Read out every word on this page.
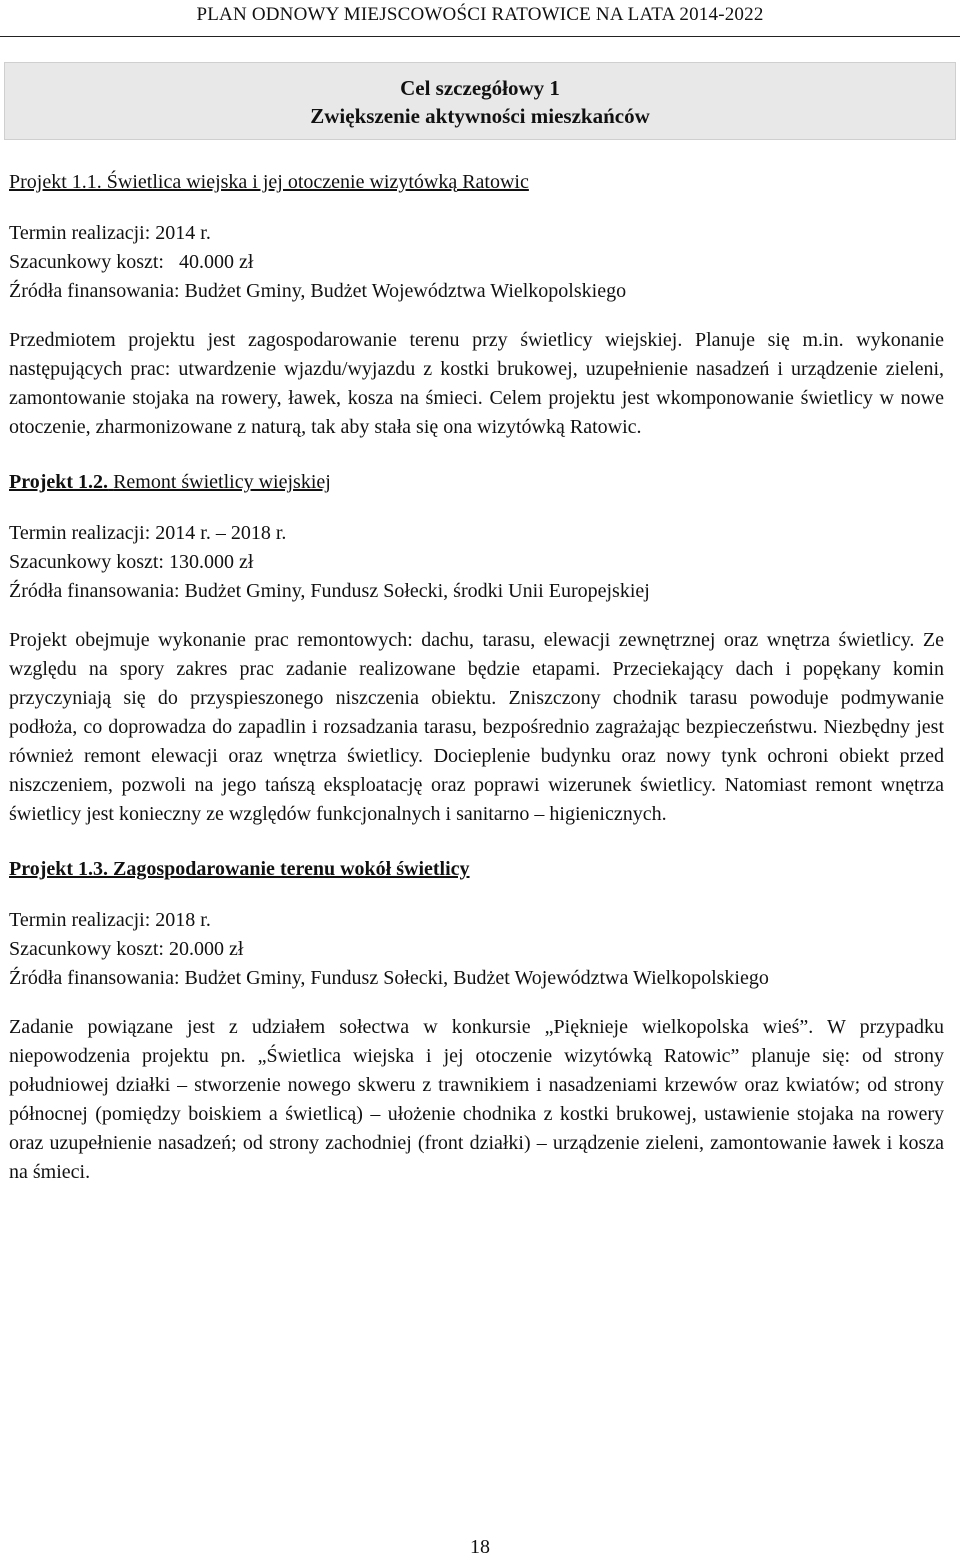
PLAN ODNOWY MIEJSCOWOŚCI RATOWICE NA LATA 2014-2022
Cel szczegółowy 1
Zwiększenie aktywności mieszkańców

Projekt 1.1. Świetlica wiejska i jej otoczenie wizytówką Ratowic

Termin realizacji: 2014 r.

Szacunkowy koszt:   40.000 zł

Źródła finansowania: Budżet Gminy, Budżet Województwa Wielkopolskiego

Przedmiotem projektu jest zagospodarowanie terenu przy świetlicy wiejskiej. Planuje się m.in. wykonanie następujących prac: utwardzenie wjazdu/wyjazdu z kostki brukowej, uzupełnienie nasadzeń i urządzenie zieleni, zamontowanie stojaka na rowery, ławek, kosza na śmieci. Celem projektu jest wkomponowanie świetlicy w nowe otoczenie, zharmonizowane z naturą, tak aby stała się ona wizytówką Ratowic.

Projekt 1.2. Remont świetlicy wiejskiej

Termin realizacji: 2014 r. – 2018 r.

Szacunkowy koszt: 130.000 zł

Źródła finansowania: Budżet Gminy, Fundusz Sołecki, środki Unii Europejskiej

Projekt obejmuje wykonanie prac remontowych: dachu, tarasu, elewacji zewnętrznej oraz wnętrza świetlicy. Ze względu na spory zakres prac zadanie realizowane będzie etapami. Przeciekający dach i popękany komin przyczyniają się do przyspieszonego niszczenia obiektu. Zniszczony chodnik tarasu powoduje podmywanie podłoża, co doprowadza do zapadlin i rozsadzania tarasu, bezpośrednio zagrażając bezpieczeństwu. Niezbędny jest również remont elewacji oraz wnętrza świetlicy. Docieplenie budynku oraz nowy tynk ochroni obiekt przed niszczeniem, pozwoli na jego tańszą eksploatację oraz poprawi wizerunek świetlicy. Natomiast remont wnętrza świetlicy jest konieczny ze względów funkcjonalnych i sanitarno – higienicznych.

Projekt 1.3. Zagospodarowanie terenu wokół świetlicy

Termin realizacji: 2018 r.

Szacunkowy koszt: 20.000 zł

Źródła finansowania: Budżet Gminy, Fundusz Sołecki, Budżet Województwa Wielkopolskiego

Zadanie powiązane jest z udziałem sołectwa w konkursie „Pięknieje wielkopolska wieś”. W przypadku niepowodzenia projektu pn. „Świetlica wiejska i jej otoczenie wizytówką Ratowic” planuje się: od strony południowej działki – stworzenie nowego skweru z trawnikiem i nasadzeniami krzewów oraz kwiatów; od strony północnej (pomiędzy boiskiem a świetlicą) – ułożenie chodnika z kostki brukowej, ustawienie stojaka na rowery oraz uzupełnienie nasadzeń; od strony zachodniej (front działki) – urządzenie zieleni, zamontowanie ławek i kosza na śmieci.

18
